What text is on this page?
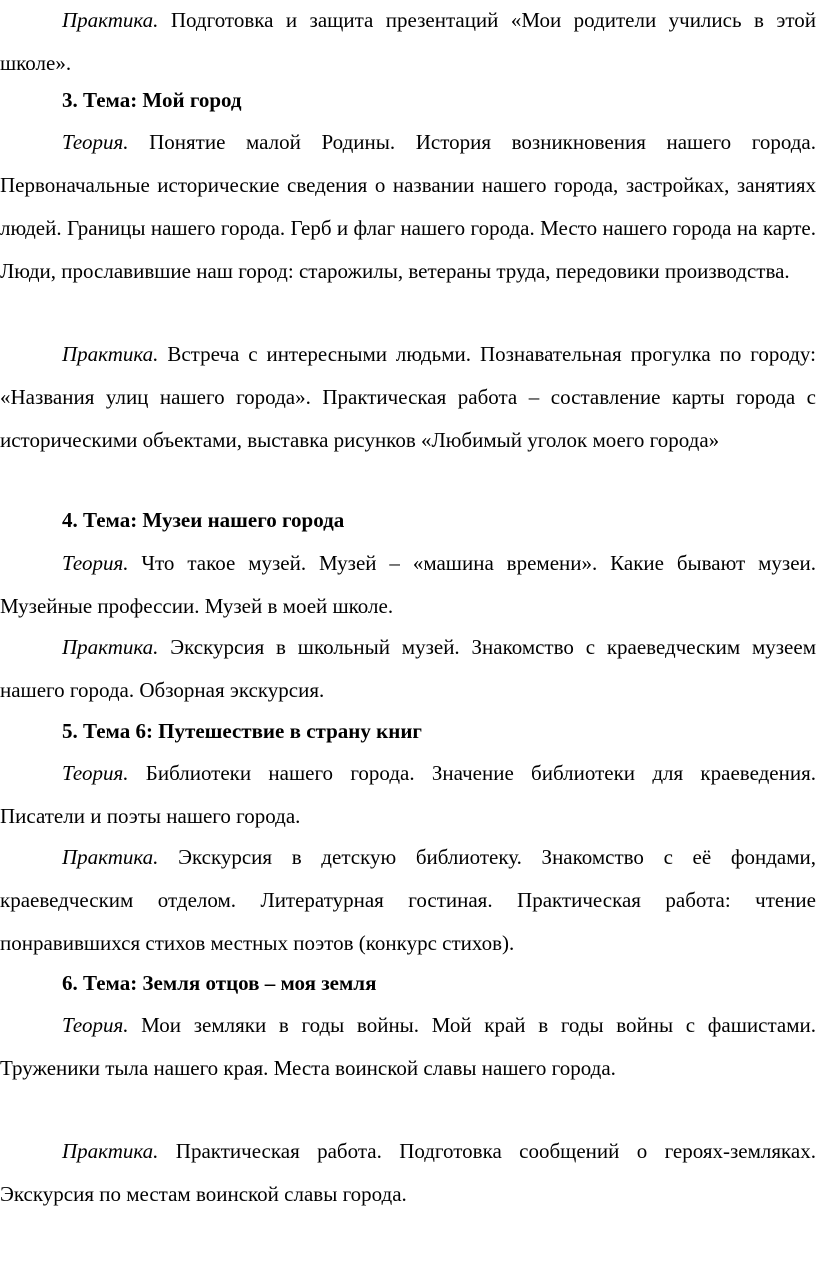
Практика. Подготовка и защита презентаций «Мои родители учились в этой школе».

3. Тема: Мой город

Теория. Понятие малой Родины. История возникновения нашего города. Первоначальные исторические сведения о названии нашего города, застройках, занятиях людей. Границы нашего города. Герб и флаг нашего города. Место нашего города на карте. Люди, прославившие наш город: старожилы, ветераны труда, передовики производства.

Практика. Встреча с интересными людьми. Познавательная прогулка по городу: «Названия улиц нашего города». Практическая работа – составление карты города с историческими объектами, выставка рисунков «Любимый уголок моего города»

4. Тема: Музеи нашего города

Теория. Что такое музей. Музей – «машина времени». Какие бывают музеи. Музейные профессии. Музей в моей школе.

Практика. Экскурсия в школьный музей. Знакомство с краеведческим музеем нашего города. Обзорная экскурсия.

5. Тема 6: Путешествие в страну книг

Теория. Библиотеки нашего города. Значение библиотеки для краеведения. Писатели и поэты нашего города.

Практика. Экскурсия в детскую библиотеку. Знакомство с её фондами, краеведческим отделом. Литературная гостиная. Практическая работа: чтение понравившихся стихов местных поэтов (конкурс стихов).

6. Тема: Земля отцов – моя земля

Теория. Мои земляки в годы войны. Мой край в годы войны с фашистами. Труженики тыла нашего края. Места воинской славы нашего города.

Практика. Практическая работа. Подготовка сообщений о героях-земляках. Экскурсия по местам воинской славы города.
